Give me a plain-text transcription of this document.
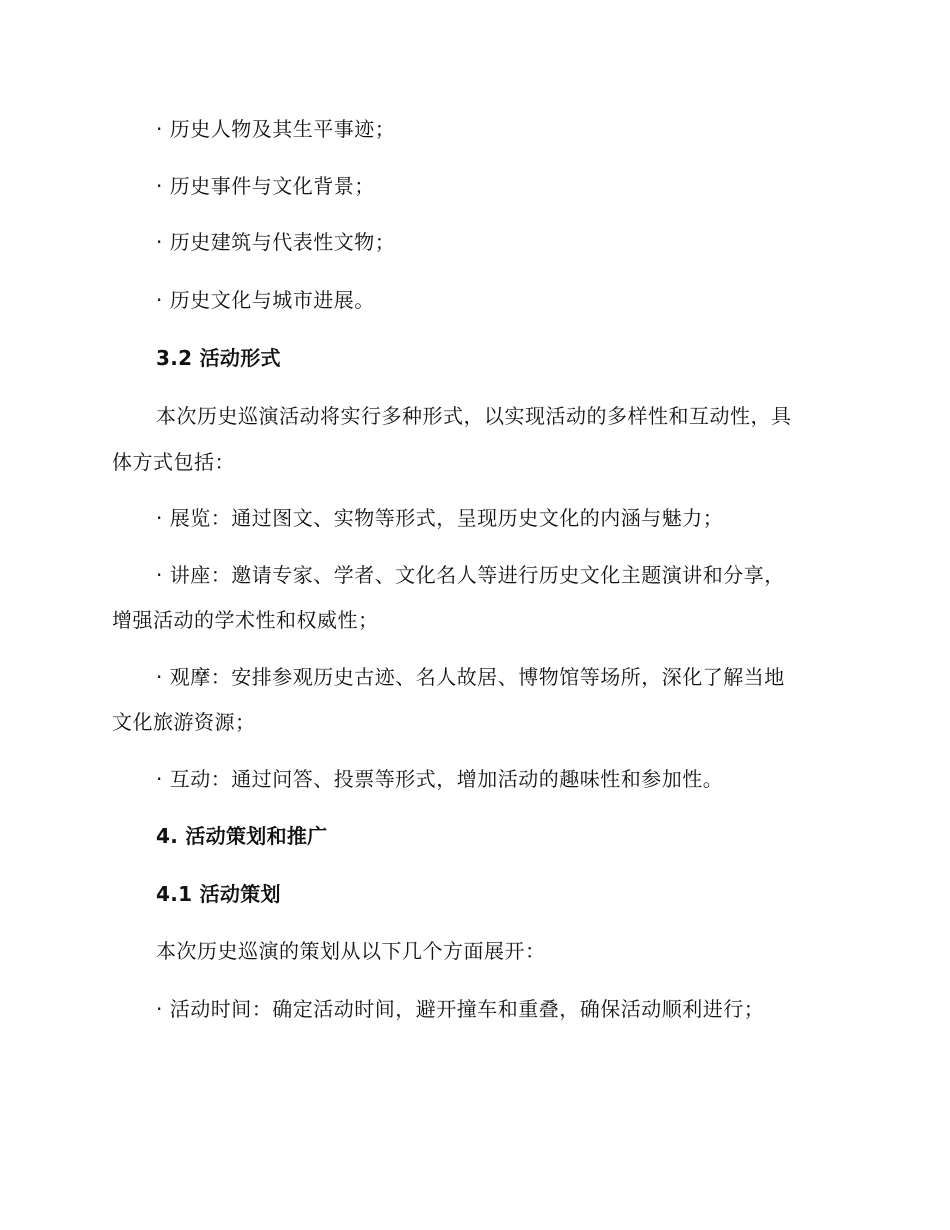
· 历史人物及其生平事迹；
· 历史事件与文化背景；
· 历史建筑与代表性文物；
· 历史文化与城市进展。
3.2 活动形式
本次历史巡演活动将实行多种形式，以实现活动的多样性和互动性，具
体方式包括：
· 展览：通过图文、实物等形式，呈现历史文化的内涵与魅力；
· 讲座：邀请专家、学者、文化名人等进行历史文化主题演讲和分享，
增强活动的学术性和权威性；
· 观摩：安排参观历史古迹、名人故居、博物馆等场所，深化了解当地
文化旅游资源；
· 互动：通过问答、投票等形式，增加活动的趣味性和参加性。
4. 活动策划和推广
4.1 活动策划
本次历史巡演的策划从以下几个方面展开：
· 活动时间：确定活动时间，避开撞车和重叠，确保活动顺利进行；
